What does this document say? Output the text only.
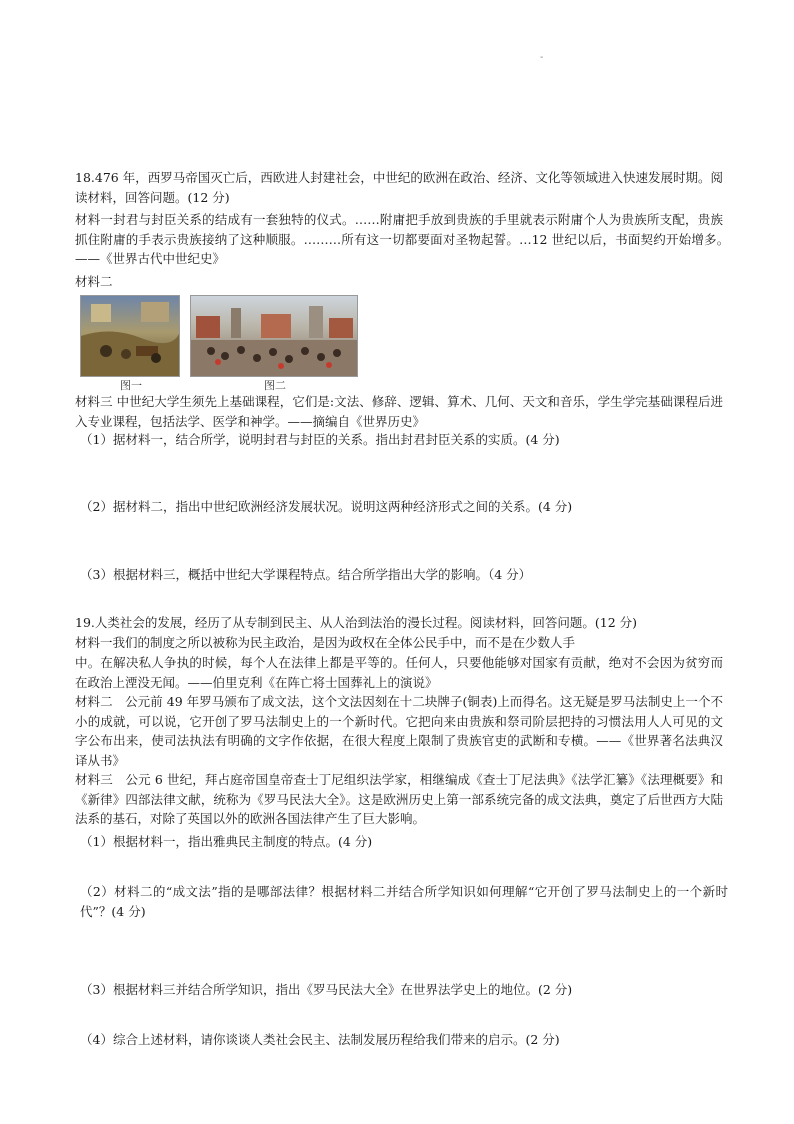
-

18.476 年，西罗马帝国灭亡后，西欧进人封建社会，中世纪的欧洲在政治、经济、文化等领域进入快速发展时期。阅读材料，回答问题。(12 分)

材料一封君与封臣关系的结成有一套独特的仪式。……附庸把手放到贵族的手里就表示附庸个人为贵族所支配，贵族抓住附庸的手表示贵族接纳了这种顺服。………所有这一切都要面对圣物起誓。…12 世纪以后，书面契约开始增多。　——《世界古代中世纪史》

材料二

图一	图二

材料三 中世纪大学生须先上基础课程，它们是:文法、修辞、逻辑、算术、几何、天文和音乐，学生学完基础课程后进入专业课程，包括法学、医学和神学。——摘编自《世界历史》

（1）据材料一，结合所学，说明封君与封臣的关系。指出封君封臣关系的实质。(4 分)

（2）据材料二，指出中世纪欧洲经济发展状况。说明这两种经济形式之间的关系。(4 分)

（3）根据材料三，概括中世纪大学课程特点。结合所学指出大学的影响。（4 分）

19.人类社会的发展，经历了从专制到民主、从人治到法治的漫长过程。阅读材料，回答问题。(12 分)

材料一我们的制度之所以被称为民主政治，是因为政权在全体公民手中，而不是在少数人手

中。在解决私人争执的时候，每个人在法律上都是平等的。任何人，只要他能够对国家有贡献，绝对不会因为贫穷而在政治上湮没无闻。——伯里克利《在阵亡将士国葬礼上的演说》

材料二　公元前 49 年罗马颁布了成文法，这个文法因刻在十二块牌子(铜表)上而得名。这无疑是罗马法制史上一个不小的成就，可以说，它开创了罗马法制史上的一个新时代。它把向来由贵族和祭司阶层把持的习惯法用人人可见的文字公布出来，使司法执法有明确的文字作依据，在很大程度上限制了贵族官吏的武断和专横。——《世界著名法典汉译从书》

材料三　公元 6 世纪，拜占庭帝国皇帝查士丁尼组织法学家，相继编成《查士丁尼法典》《法学汇纂》《法理概要》和《新律》四部法律文献，统称为《罗马民法大全》。这是欧洲历史上第一部系统完备的成文法典，奠定了后世西方大陆法系的基石，对除了英国以外的欧洲各国法律产生了巨大影响。

（1）根据材料一，指出雅典民主制度的特点。(4 分)

（2）材料二的“成文法”指的是哪部法律？根据材料二并结合所学知识如何理解“它开创了罗马法制史上的一个新时代”？(4 分)

（3）根据材料三并结合所学知识，指出《罗马民法大全》在世界法学史上的地位。(2 分)

（4）综合上述材料，请你谈谈人类社会民主、法制发展历程给我们带来的启示。(2 分)
